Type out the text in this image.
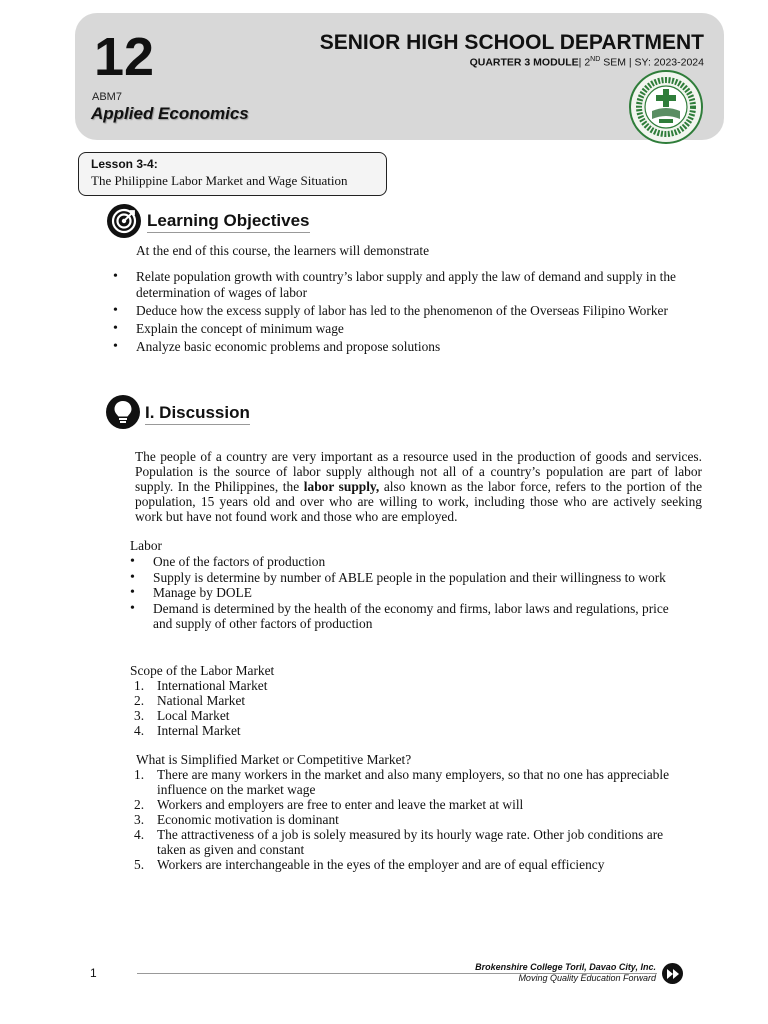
12
ABM7
Applied Economics
SENIOR HIGH SCHOOL DEPARTMENT
QUARTER 3 MODULE| 2ND SEM | SY: 2023-2024
Lesson 3-4:
The Philippine Labor Market and Wage Situation
Learning Objectives
At the end of this course, the learners will demonstrate
• Relate population growth with country’s labor supply and apply the law of demand and supply in the determination of wages of labor
• Deduce how the excess supply of labor has led to the phenomenon of the Overseas Filipino Worker
• Explain the concept of minimum wage
• Analyze basic economic problems and propose solutions
I. Discussion
The people of a country are very important as a resource used in the production of goods and services. Population is the source of labor supply although not all of a country’s population are part of labor supply. In the Philippines, the labor supply, also known as the labor force, refers to the portion of the population, 15 years old and over who are willing to work, including those who are actively seeking work but have not found work and those who are employed.
Labor
• One of the factors of production
• Supply is determine by number of ABLE people in the population and their willingness to work
• Manage by DOLE
• Demand is determined by the health of the economy and firms, labor laws and regulations, price and supply of other factors of production
Scope of the Labor Market
1. International Market
2. National Market
3. Local Market
4. Internal Market
What is Simplified Market or Competitive Market?
1. There are many workers in the market and also many employers, so that no one has appreciable influence on the market wage
2. Workers and employers are free to enter and leave the market at will
3. Economic motivation is dominant
4. The attractiveness of a job is solely measured by its hourly wage rate. Other job conditions are taken as given and constant
5. Workers are interchangeable in the eyes of the employer and are of equal efficiency
1	Brokenshire College Toril, Davao City, Inc.
Moving Quality Education Forward
